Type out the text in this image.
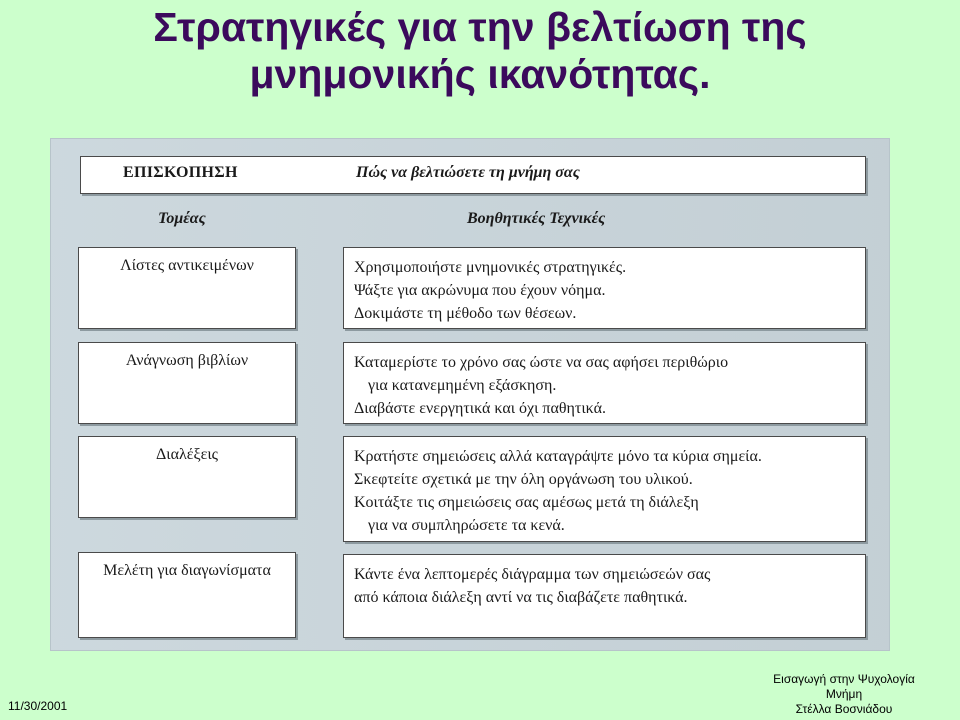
Στρατηγικές για την βελτίωση της
μνημονικής ικανότητας.
ΕΠΙΣΚΟΠΗΣΗ	Πώς να βελτιώσετε τη μνήμη σας
Τομέας	Βοηθητικές Τεχνικές
Λίστες αντικειμένων	Χρησιμοποιήστε μνημονικές στρατηγικές.
Ψάξτε για ακρώνυμα που έχουν νόημα.
Δοκιμάστε τη μέθοδο των θέσεων.
Ανάγνωση βιβλίων	Καταμερίστε το χρόνο σας ώστε να σας αφήσει περιθώριο
για κατανεμημένη εξάσκηση.
Διαβάστε ενεργητικά και όχι παθητικά.
Διαλέξεις	Κρατήστε σημειώσεις αλλά καταγράψτε μόνο τα κύρια σημεία.
Σκεφτείτε σχετικά με την όλη οργάνωση του υλικού.
Κοιτάξτε τις σημειώσεις σας αμέσως μετά τη διάλεξη
για να συμπληρώσετε τα κενά.
Μελέτη για διαγωνίσματα	Κάντε ένα λεπτομερές διάγραμμα των σημειώσεών σας
από κάποια διάλεξη αντί να τις διαβάζετε παθητικά.
11/30/2001
Εισαγωγή στην Ψυχολογία
Μνήμη
Στέλλα Βοσνιάδου
